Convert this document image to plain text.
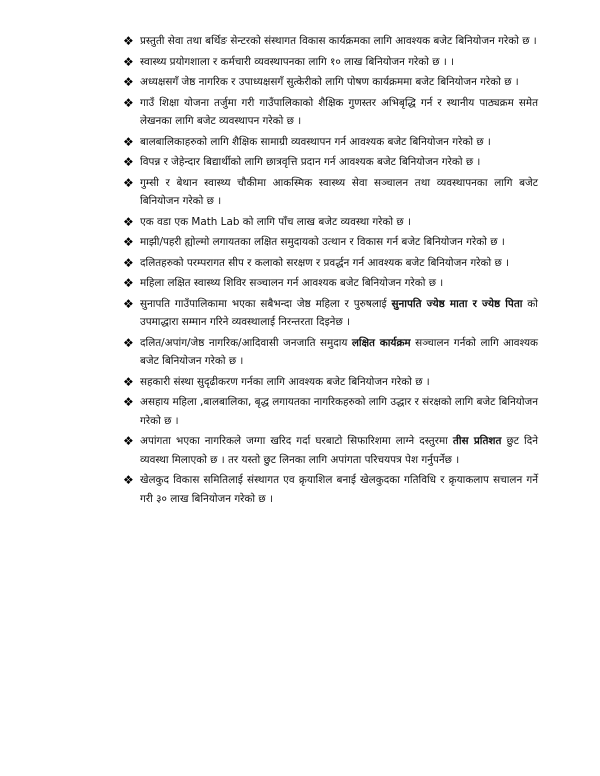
❖ प्रस्तुती सेवा तथा बर्थिङ सेन्टरको संस्थागत विकास कार्यक्रमका लागि आवश्यक बजेट बिनियोजन गरेको छ ।
❖ स्वास्थ्य प्रयोगशाला र कर्मचारी व्यवस्थापनका लागि १० लाख बिनियोजन गरेको छ । ।
❖ अध्यक्षसगँ जेष्ठ नागरिक र उपाध्यक्षसगँ सुत्केरीको लागि पोषण कार्यक्रममा बजेट बिनियोजन गरेको छ ।
❖ गाउँ शिक्षा योजना तर्जुमा गरी गाउँपालिकाको शैक्षिक गुणस्तर अभिबृद्धि गर्न र स्थानीय पाठ्यक्रम समेत लेखनका लागि बजेट व्यवस्थापन गरेको छ ।
❖ बालबालिकाहरुको लागि शैक्षिक सामाग्री व्यवस्थापन गर्न आवश्यक बजेट बिनियोजन गरेको छ ।
❖ विपन्न र जेहेन्दार बिद्यार्थीको लागि छात्रवृत्ति प्रदान गर्न आवश्यक बजेट बिनियोजन गरेको छ ।
❖ गुम्सी र बेथान स्वास्थ्य चौकीमा आकस्मिक स्वास्थ्य सेवा सञ्चालन तथा व्यवस्थापनका लागि बजेट बिनियोजन गरेको छ ।
❖ एक वडा एक Math Lab को लागि पाँच लाख बजेट व्यवस्था गरेको छ ।
❖ माझी/पहरी ह्योल्मो लगायतका लक्षित समुदायको उत्थान र विकास गर्न बजेट बिनियोजन गरेको छ ।
❖ दलितहरुको परम्परागत सीप र कलाको सरक्षण र प्रवर्द्धन गर्न आवश्यक बजेट बिनियोजन गरेको छ ।
❖ महिला लक्षित स्वास्थ्य शिविर सञ्चालन गर्न आवश्यक बजेट बिनियोजन गरेको छ ।
❖ सुनापति गाउँपालिकामा भएका सबैभन्दा जेष्ठ महिला र पुरुषलाई सुनापति ज्येष्ठ माता र ज्येष्ठ पिता को उपमाद्धारा सम्मान गरिने व्यवस्थालाई निरन्तरता दिइनेछ ।
❖ दलित/अपांग/जेष्ठ नागरिक/आदिवासी जनजाति समुदाय लक्षित कार्यक्रम सञ्चालन गर्नको लागि आवश्यक बजेट बिनियोजन गरेको छ ।
❖ सहकारी संस्था सुदृढीकरण गर्नका लागि आवश्यक बजेट बिनियोजन गरेको छ ।
❖ असहाय महिला ,बालबालिका, बृद्ध लगायतका नागरिकहरुको लागि उद्धार र संरक्षको लागि बजेट बिनियोजन गरेको छ ।
❖ अपांगता भएका नागरिकले जग्गा खरिद गर्दा घरबाटो सिफारिशमा लाग्ने दस्तुरमा तीस प्रतिशत छुट दिने व्यवस्था मिलाएको छ । तर यस्तो छुट लिनका लागि अपांगता परिचयपत्र पेश गर्नुपर्नेछ ।
❖ खेलकुद विकास समितिलाई संस्थागत एव क्रृयाशिल बनाई खेलकुदका गतिविधि र क्रृयाकलाप सचालन गर्ने गरी ३० लाख बिनियोजन गरेको छ ।
